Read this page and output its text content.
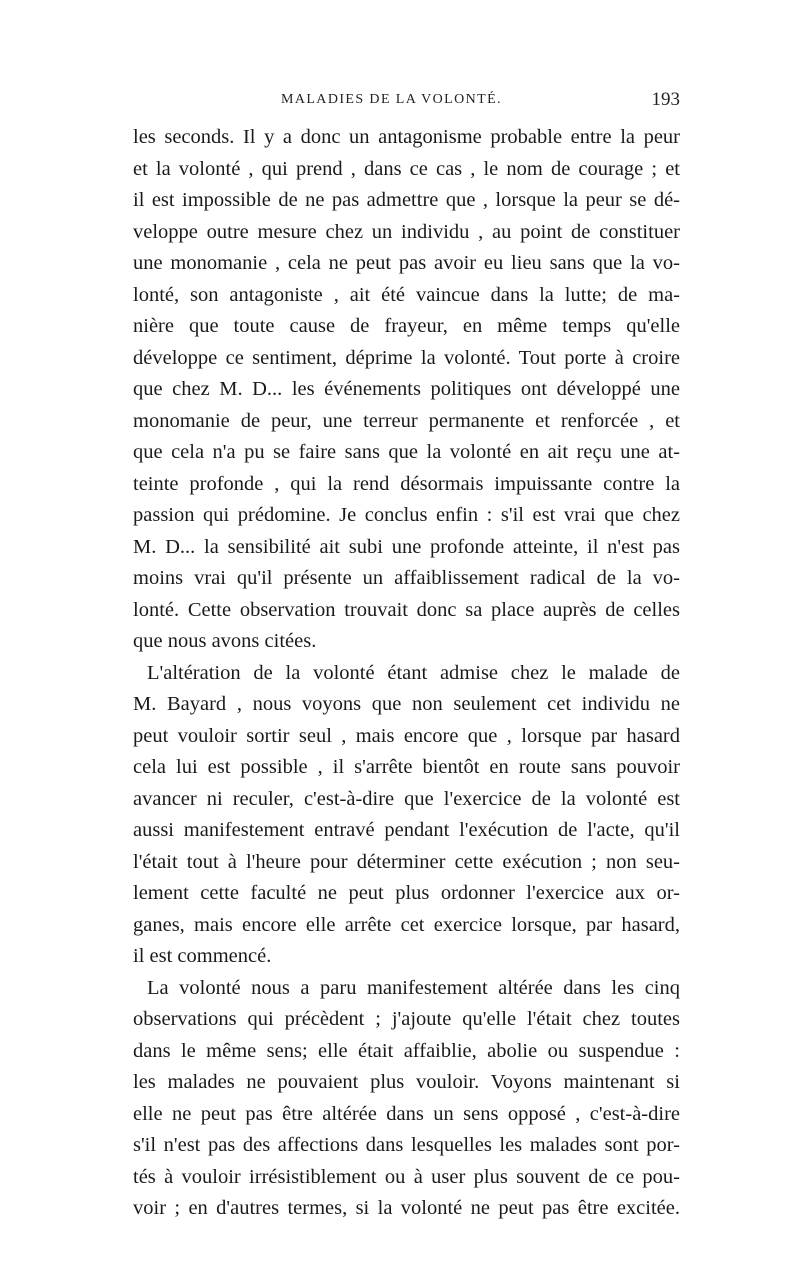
MALADIES DE LA VOLONTÉ.	193

les seconds. Il y a donc un antagonisme probable entre la peur
et la volonté , qui prend , dans ce cas , le nom de courage ; et
il est impossible de ne pas admettre que , lorsque la peur se dé-
veloppe outre mesure chez un individu , au point de constituer
une monomanie , cela ne peut pas avoir eu lieu sans que la vo-
lonté, son antagoniste , ait été vaincue dans la lutte; de ma-
nière que toute cause de frayeur, en même temps qu'elle
développe ce sentiment, déprime la volonté. Tout porte à croire
que chez M. D... les événements politiques ont développé une
monomanie de peur, une terreur permanente et renforcée , et
que cela n'a pu se faire sans que la volonté en ait reçu une at-
teinte profonde , qui la rend désormais impuissante contre la
passion qui prédomine. Je conclus enfin : s'il est vrai que chez
M. D... la sensibilité ait subi une profonde atteinte, il n'est pas
moins vrai qu'il présente un affaiblissement radical de la vo-
lonté. Cette observation trouvait donc sa place auprès de celles
que nous avons citées.

L'altération de la volonté étant admise chez le malade de
M. Bayard , nous voyons que non seulement cet individu ne
peut vouloir sortir seul , mais encore que , lorsque par hasard
cela lui est possible , il s'arrête bientôt en route sans pouvoir
avancer ni reculer, c'est-à-dire que l'exercice de la volonté est
aussi manifestement entravé pendant l'exécution de l'acte, qu'il
l'était tout à l'heure pour déterminer cette exécution ; non seu-
lement cette faculté ne peut plus ordonner l'exercice aux or-
ganes, mais encore elle arrête cet exercice lorsque, par hasard,
il est commencé.

La volonté nous a paru manifestement altérée dans les cinq
observations qui précèdent ; j'ajoute qu'elle l'était chez toutes
dans le même sens; elle était affaiblie, abolie ou suspendue :
les malades ne pouvaient plus vouloir. Voyons maintenant si
elle ne peut pas être altérée dans un sens opposé , c'est-à-dire
s'il n'est pas des affections dans lesquelles les malades sont por-
tés à vouloir irrésistiblement ou à user plus souvent de ce pou-
voir ; en d'autres termes, si la volonté ne peut pas être excitée.
